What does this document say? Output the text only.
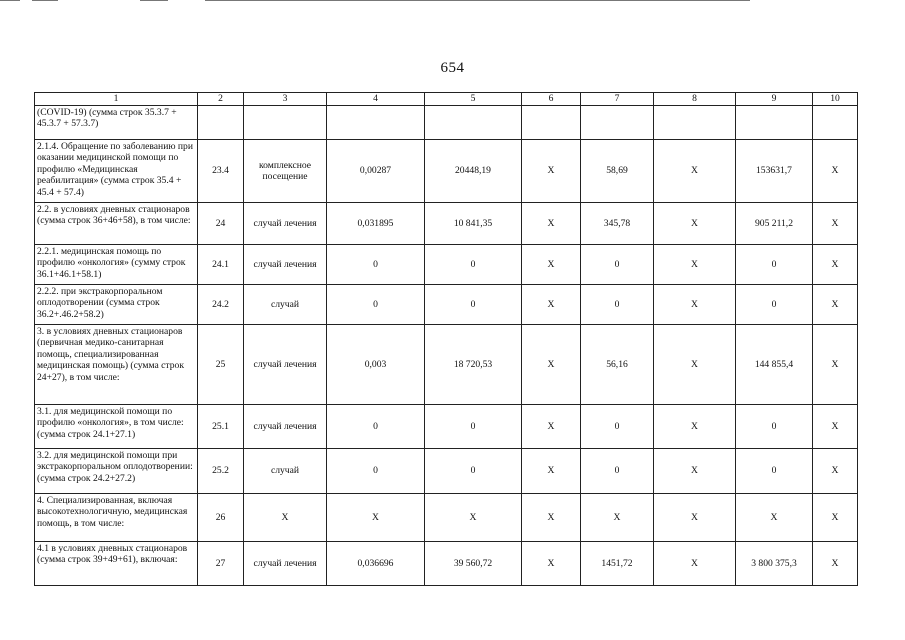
654
1	2	3	4	5	6	7	8	9	10
(COVID-19) (сумма строк 35.3.7 + 45.3.7 + 57.3.7)									
2.1.4. Обращение по заболеванию при оказании медицинской помощи по профилю «Медицинская реабилитация» (сумма строк 35.4 + 45.4 + 57.4)	23.4	комплексное посещение	0,00287	20448,19	Х	58,69	Х	153631,7	Х
2.2. в условиях дневных стационаров (сумма строк 36+46+58), в том числе:	24	случай лечения	0,031895	10 841,35	Х	345,78	Х	905 211,2	Х
2.2.1. медицинская помощь по профилю «онкология» (сумму строк 36.1+46.1+58.1)	24.1	случай лечения	0	0	Х	0	Х	0	Х
2.2.2. при экстракорпоральном оплодотворении (сумма строк 36.2+.46.2+58.2)	24.2	случай	0	0	Х	0	Х	0	Х
3. в условиях дневных стационаров (первичная медико-санитарная помощь, специализированная медицинская помощь) (сумма строк 24+27), в том числе:	25	случай лечения	0,003	18 720,53	Х	56,16	Х	144 855,4	Х
3.1. для медицинской помощи по профилю «онкология», в том числе: (сумма строк 24.1+27.1)	25.1	случай лечения	0	0	Х	0	Х	0	Х
3.2. для медицинской помощи при экстракорпоральном оплодотворении: (сумма строк 24.2+27.2)	25.2	случай	0	0	Х	0	Х	0	Х
4. Специализированная, включая высокотехнологичную, медицинская помощь, в том числе:	26	Х	Х	Х	Х	Х	Х	Х	Х
4.1 в условиях дневных стационаров (сумма строк 39+49+61), включая:	27	случай лечения	0,036696	39 560,72	Х	1451,72	Х	3 800 375,3	Х
